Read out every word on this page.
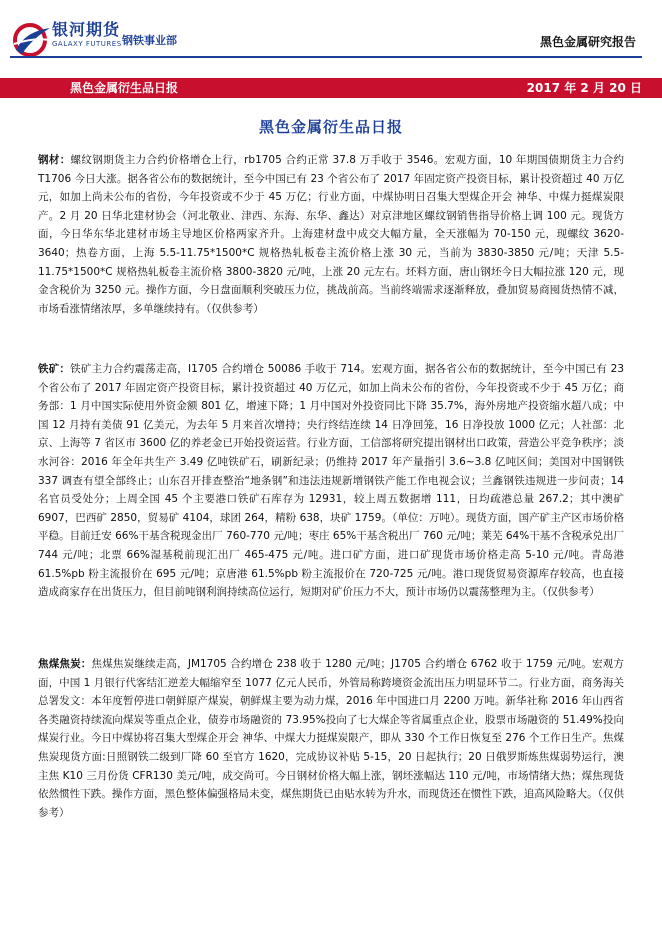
银河期货
GALAXY FUTURES 钢铁事业部	黑色金属研究报告
黑色金属衍生品日报	2017 年 2 月 20 日
黑色金属衍生品日报
钢材：螺纹钢期货主力合约价格增仓上行，rb1705 合约正常 37.8 万手收于 3546。宏观方面，10 年期国债期货主力合约 T1706 今日大涨。据各省公布的数据统计，至今中国已有 23 个省公布了 2017 年固定资产投资目标，累计投资超过 40 万亿元，如加上尚未公布的省份，今年投资或不少于 45 万亿；行业方面，中煤协明日召集大型煤企开会 神华、中煤力挺煤炭限产。2 月 20 日华北建材协会（河北敬业、津西、东海、东华、鑫达）对京津地区螺纹钢销售指导价格上调 100 元。现货方面，今日华东华北建材市场主导地区价格两家齐升。上海建材盘中成交大幅方量，全天涨幅为 70-150 元，现螺纹 3620-3640；热卷方面，上海 5.5-11.75*1500*C 规格热轧板卷主流价格上涨 30 元，当前为 3830-3850 元/吨；天津 5.5-11.75*1500*C 规格热轧板卷主流价格 3800-3820 元/吨，上涨 20 元左右。坯料方面，唐山钢坯今日大幅拉涨 120 元，现金含税价为 3250 元。操作方面，今日盘面顺利突破压力位，挑战前高。当前终端需求逐渐释放，叠加贸易商囤货热情不减，市场看涨情绪浓厚，多单继续持有。（仅供参考）
铁矿：铁矿主力合约震荡走高，I1705 合约增仓 50086 手收于 714。宏观方面，据各省公布的数据统计，至今中国已有 23 个省公布了 2017 年固定资产投资目标，累计投资超过 40 万亿元，如加上尚未公布的省份，今年投资或不少于 45 万亿；商务部：1 月中国实际使用外资金额 801 亿，增速下降；1 月中国对外投资同比下降 35.7%，海外房地产投资缩水超八成；中国 12 月持有美债 91 亿美元，为去年 5 月来首次增持；央行终结连续 14 日净回笼，16 日净投放 1000 亿元；人社部：北京、上海等 7 省区市 3600 亿的养老金已开始投资运营。行业方面，工信部将研究提出钢材出口政策，营造公平竞争秩序；淡水河谷：2016 年全年共生产 3.49 亿吨铁矿石，刷新纪录；仍维持 2017 年产量指引 3.6~3.8 亿吨区间；美国对中国钢铁 337 调查有望全部终止；山东召开排查整治“地条钢”和违法违规新增钢铁产能工作电视会议；兰鑫钢铁违规进一步问责；14 名官员受处分；上周全国 45 个主要港口铁矿石库存为 12931，较上周五数据增 111，日均疏港总量 267.2；其中澳矿 6907，巴西矿 2850，贸易矿 4104，球团 264，精粉 638，块矿 1759。（单位：万吨）。现货方面，国产矿主产区市场价格平稳。目前迁安 66%干基含税现金出厂 760-770 元/吨；枣庄 65%干基含税出厂 760 元/吨；莱芜 64%干基不含税承兑出厂 744 元/吨；北票 66%湿基税前现汇出厂 465-475 元/吨。进口矿方面，进口矿现货市场价格走高 5-10 元/吨。青岛港 61.5%pb 粉主流报价在 695 元/吨；京唐港 61.5%pb 粉主流报价在 720-725 元/吨。港口现货贸易资源库存较高，也直接造成商家存在出货压力，但目前吨钢利润持续高位运行，短期对矿价压力不大，预计市场仍以震荡整理为主。（仅供参考）
焦煤焦炭：焦煤焦炭继续走高，JM1705 合约增仓 238 收于 1280 元/吨；J1705 合约增仓 6762 收于 1759 元/吨。宏观方面，中国 1 月银行代客结汇逆差大幅缩窄至 1077 亿元人民币，外管局称跨境资金流出压力明显环节二。行业方面，商务海关总署发文：本年度暂停进口朝鲜原产煤炭，朝鲜煤主要为动力煤，2016 年中国进口月 2200 万吨。新华社称 2016 年山西省各类融资持续流向煤炭等重点企业，债券市场融资的 73.95%投向了七大煤企等省属重点企业，股票市场融资的 51.49%投向煤炭行业。今日中煤协将召集大型煤企开会 神华、中煤大力挺煤炭限产，即从 330 个工作日恢复至 276 个工作日生产。焦煤焦炭现货方面:日照钢铁二级到厂降 60 至官方 1620，完成协议补贴 5-15，20 日起执行；20 日俄罗斯炼焦煤弱势运行，澳主焦 K10 三月份货 CFR130 美元/吨，成交尚可。今日钢材价格大幅上涨，钢坯涨幅达 110 元/吨，市场情绪大热；煤焦现货依然惯性下跌。操作方面，黑色整体偏强格局未变，煤焦期货已由贴水转为升水，而现货还在惯性下跌，追高风险略大。（仅供参考）
